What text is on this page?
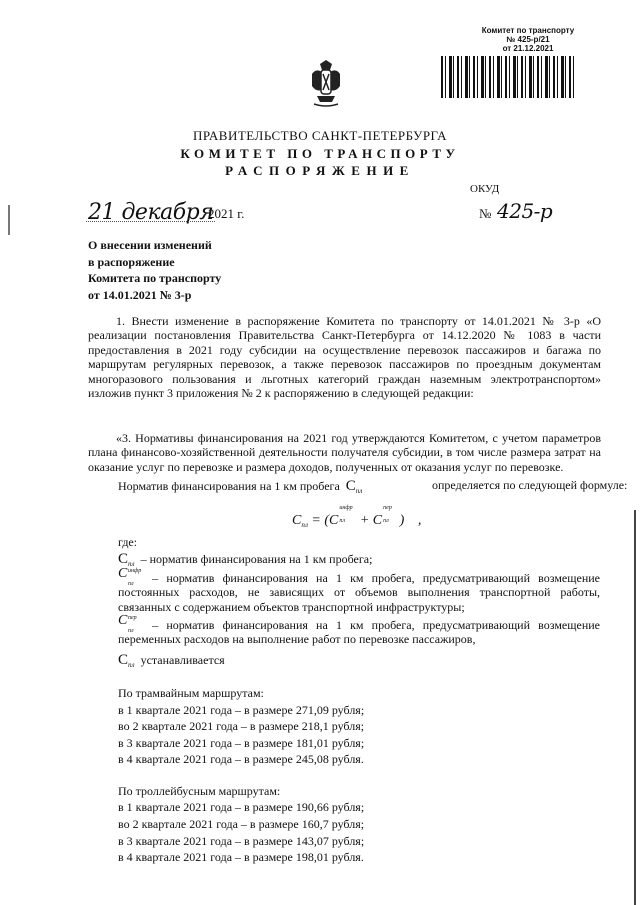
Комитет по транспорту
№ 425-р/21
от 21.12.2021
ПРАВИТЕЛЬСТВО САНКТ-ПЕТЕРБУРГА
КОМИТЕТ ПО ТРАНСПОРТУ
РАСПОРЯЖЕНИЕ
ОКУД
21 декабря
2021 г.	№ 425-р
О внесении изменений
в распоряжение
Комитета по транспорту
от 14.01.2021 № 3-р
1. Внести изменение в распоряжение Комитета по транспорту от 14.01.2021 № 3-р «О реализации постановления Правительства Санкт-Петербурга от 14.12.2020 № 1083 в части предоставления в 2021 году субсидии на осуществление перевозок пассажиров и багажа по маршрутам регулярных перевозок, а также перевозок пассажиров по проездным документам многоразового пользования и льготных категорий граждан наземным электротранспортом» изложив пункт 3 приложения № 2 к распоряжению в следующей редакции:
«3. Нормативы финансирования на 2021 год утверждаются Комитетом, с учетом параметров плана финансово-хозяйственной деятельности получателя субсидии, в том числе размера затрат на оказание услуг по перевозке и размера доходов, полученных от оказания услуг по перевозке.
Норматив финансирования на 1 км пробега $С_{пл}$	определяется по следующей формуле:
$С_{пл} = (С$
инфр
пл + С
пер
пл ) ,
где:
$С_{пл}$ – норматив финансирования на 1 км пробега;
С инфр
пл – норматив финансирования на 1 км пробега, предусматривающий возмещение постоянных расходов, не зависящих от объемов выполнения транспортной работы, связанных с содержанием объектов транспортной инфраструктуры;
С пер
пл – норматив финансирования на 1 км пробега, предусматривающий возмещение переменных расходов на выполнение работ по перевозке пассажиров,
$С_{пл}$ устанавливается
По трамвайным маршрутам:
в 1 квартале 2021 года – в размере 271,09 рубля;
во 2 квартале 2021 года – в размере 218,1 рубля;
в 3 квартале 2021 года – в размере 181,01 рубля;
в 4 квартале 2021 года – в размере 245,08 рубля.
По троллейбусным маршрутам:
в 1 квартале 2021 года – в размере 190,66 рубля;
во 2 квартале 2021 года – в размере 160,7 рубля;
в 3 квартале 2021 года – в размере 143,07 рубля;
в 4 квартале 2021 года – в размере 198,01 рубля.
